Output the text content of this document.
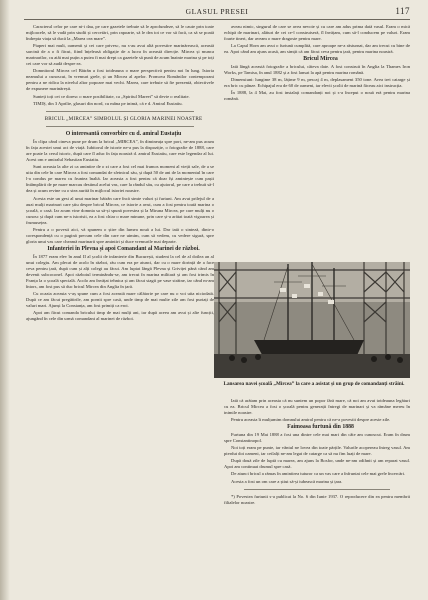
GLASUL PRESEI	117

Caracterul celor pe care ni-i dau, pe care gazetele trebuie să le aprofundeze, să le caute prin toate mijloacele, să le vadă prin studii și cercetări, prin rapoarte, să le dea tot ce vor să facă, ca să se poată îndrepta viața să ducă la „Marea cea mare”.

Piaperi mai mult, oamenii și cei care privesc, nu s-au avut altă povestire marinărească, această sarcină de a o fi făcut, fiind înțeleasă obligație de a lucra în această direcție. Mircea și munca marinarilor, cu atât mai puțin a putea fi mai drept ca gazetele să pună de acum înainte marina și pe toți cei care vor să audă despre ea.

Domnitorul Mircea cel Bătrân a fost totdeauna o mare perspectivă pentru noi în lung. Istoria neamului a cunoscut, în vremuri grele, și un Mircea al apelor. Promova Românilor contemporani pentru a ne ridica la nivelul altor popoare mai vechi. Marea, care trebuie să fie prezentă, obiectivele de expunere marinărești.

Sunteți toți cei ce doresc o mare posibilitate, ca „Spiritul Mareei” să devie o realitate.

TIMIȘ, din 3 Aprilie, glasuri din nord, cu mâna pe inimă, că e d. Amiral Eustatiu.

BRICUL „MIRCEA” SIMBOLUL ȘI GLORIA MARINEI NOASTRE

O interesantă convorbire cu d. amiral Eustațiu

În clipa când cineva pune pe drum la bricul „MIRCEA”, în dimineața spre port, ne-am pus acum în fața acestei unui act de viață. Iubitorul de istorie ne-a pus la dispoziție, o fotografie de 1888, care are poate la cerul istoric, după care îl aduc în fața noastră d. amiral Eustatiu, care este legendar al lui. Acest om e amiralul Sebastian Eustatiu.

Sunt aceasta la alte zi ca amintire de o zi care a fost cel mai frumos moment al vieții sale, de a se uita din cele în care Mircea a fost comandat de sfetnicul său, și după 50 de ani de la momentul în care l-a condus pe marea cu fruntea înaltă. Iar aceasta a fost pentru că doar își amintește cum pașii întâmplării de pe mare marcau destinul acelui vas, care la rândul său, cu ajutorul, pe care a trebuit să-l dea și acum revine cu o stea aurită în mijlocul istoriei noastre.

Acesta este un gest al unui marinar bătrân care încă simte valuri și furtuni. Am avut prilejul de a auzi mulți marinari care știu despre bricul Mircea, ce istorie a avut, cum a fost pentru toată marina o școală, o casă. Iar acum vine domnia sa să-și spună povestea și la Miruna Mircea, pe care mulți nu o cunosc și după cum ne-a istorisit, ea a fost chiar o mare minune, prin care și-a arătat toată vigoarea și frumusețea.

Pentru a o povesti aici, vă spunem o știre din lumea nouă a lui. Dar iată o sinteză, dintr-o corespondență cu o pagină precum cele din care ne uimim, cum să vedem, cu vedere sigură, spre gloria unui vas care cheamă marinarii spre amintiri și duce vremurile mai departe.

Infanteriei în Plevna și apoi Comandant al Marinei de război.

În 1877 eram elev în anul II al școlii de infanterie din București, student la cel de al doilea an al unui colegiu. Am plecat de acolo în război, rău cum era pe atunci, dar cu o mare dorință de a face ceva pentru țară, după cum și alți colegi au făcut. Am luptat lângă Plevna și Griviței până când am devenit subcoconel. Apoi războiul terminându-se, am trecut în marina militară și am fost trimis în Franța la o școală specială. Acolo am învățat tehnica și am făcut stagii pe vase străine, iar când m-am întors, am fost pus să duc bricul Mircea din Anglia în țară.

Cu ocazia aceasta v-aș spune cum a fost această mare călătorie pe care nu o voi uita niciodată. După ce am făcut pregătirile, am pornit spre casă, unde timp de mai multe zile am fost purtați de valuri mari. Ajunși la Constanța, am fost primiți ca eroi.

Apoi am făcut comanda bricului timp de mai mulți ani, iar după aceea am avut și alte funcții, ajungând în cele din urmă comandant al marinei de război.

aveau nimic, singurul de care se avea nevoie și cu care am adus prima dată vasul. Eram o mică echipă de marinari, alături de cei ce-l construiseră, îl învățam, cum să-l conducem pe valuri. Eram foarte tineri, dar aveam o mare dragoste pentru mare.

La Capul Horn am avut o furtună cumplită, care aproape ne-a răsturnat, dar am trecut cu bine de ea. Apoi când am ajuns acasă, am simțit că am făcut ceva pentru țară, pentru marina noastră.

Bricul Mircea

Iată lângă această fotografie a bricului, câteva date. A fost construit în Anglia la Thames Iron Works, pe Tamisa, în anul 1882 și a fost lansat la apă pentru marina română.

Dimensiuni: lungime 38 m, lățime 9 m, pescaj 4 m, deplasament 350 tone. Avea trei catarge și era bric cu pânze. Echipajul era de 60 de oameni, iar elevii școlii de marină făceau aici instrucția.

În 1888, la 4 Mai, au fost instalați comandanți noi și s-a început o nouă eră pentru marina română.

Lansarea navei școală „Mircea” la care a asistat și un grup de comandanți străini.

Iată că arătam prin aceasta că nu suntem un popor fără mare, că noi am avut totdeauna legături cu ea. Bricul Mircea a fost o școală pentru generații întregi de marinari și va rămâne mereu în inimile noastre.

Pentru aceasta îi mulțumim domnului amiral pentru că ne-a povestit despre aceste zile.

Faimoasa furtună din 1888

Furtuna din 19 Mai 1888 a fost una dintre cele mai mari din câte am cunoscut. Eram în drum spre Constantinopol.

Noi toți eram pe punte, iar vântul ne lovea din toate părțile. Valurile acopereau întreg vasul. Am pierdut doi oameni, iar ceilalți ne-am legat de catarge ca să nu fim luați de mare.

După două zile de luptă cu marea, am ajuns la Bosfor, unde ne-am odihnit și am reparat vasul. Apoi am continuat drumul spre casă.

De atunci bricul a rămas în amintirea tuturor ca un vas care a înfruntat cele mai grele încercări.

Acesta a fost un om care a știut să-și iubească marina și țara.

*) Povestea furtunii s-a publicat la No. 6 din Iunie 1937. O reproducere din ea pentru membrii filialelor noastre.
